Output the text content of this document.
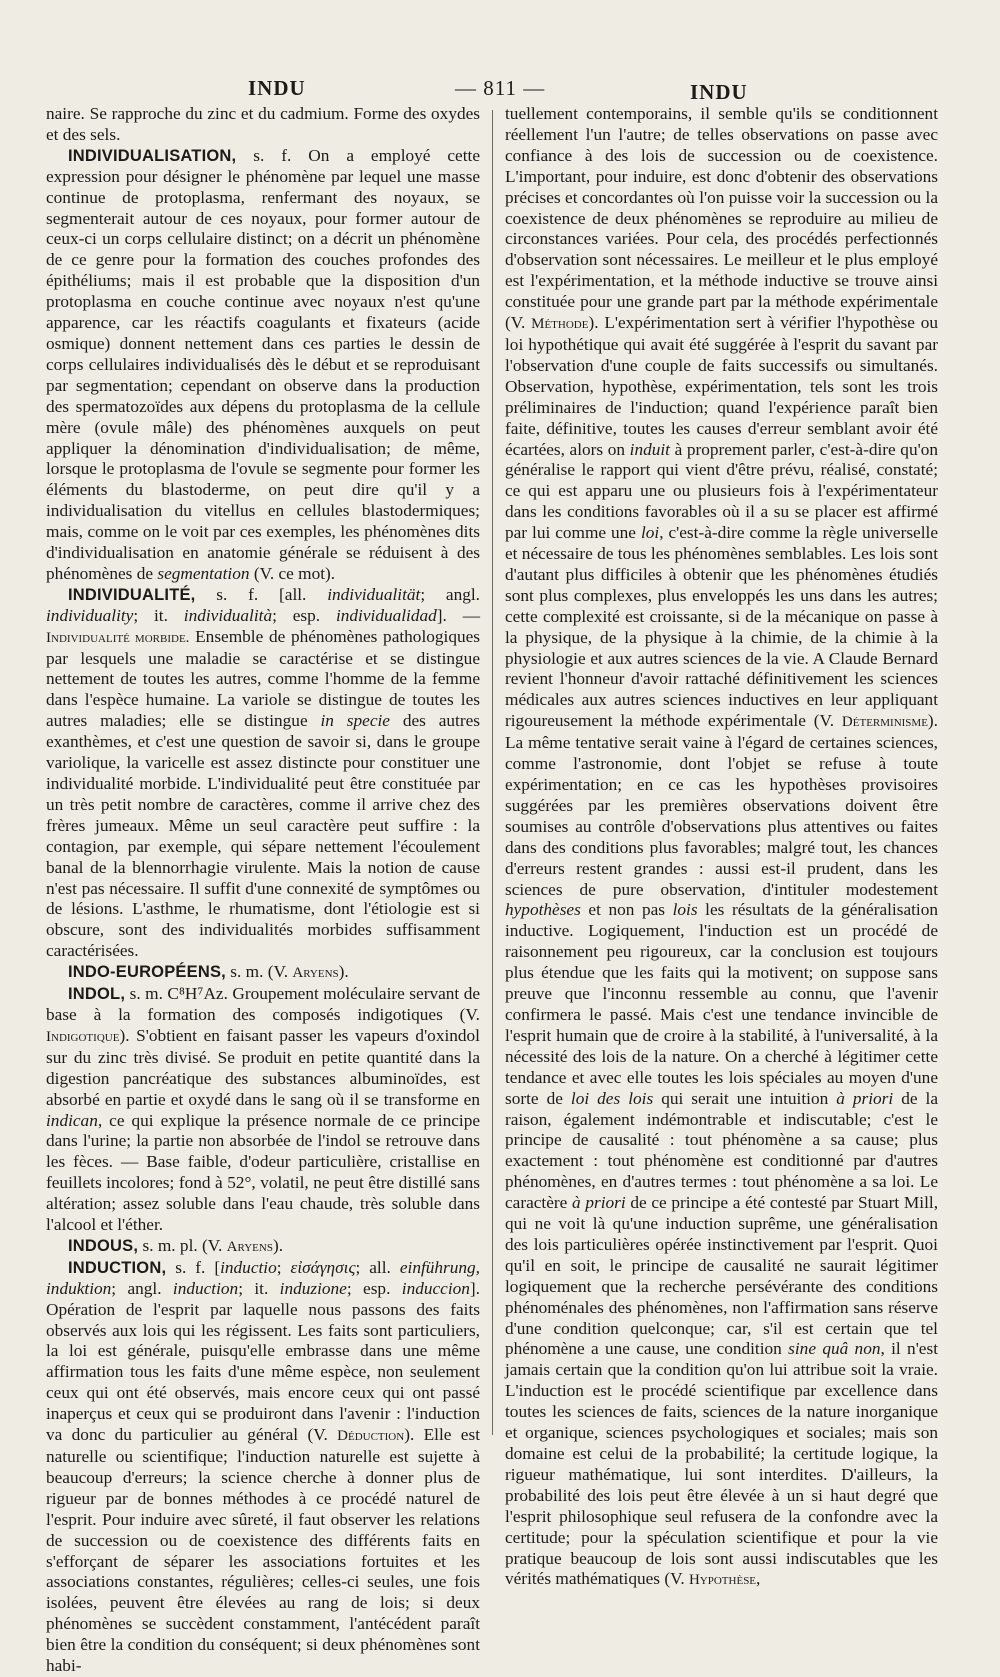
INDU	— 811 —	INDU

naire. Se rapproche du zinc et du cadmium. Forme des oxydes et des sels.

INDIVIDUALISATION, s. f. On a employé cette expression pour désigner le phénomène par lequel une masse continue de protoplasma, renfermant des noyaux, se segmenterait autour de ces noyaux, pour former autour de ceux-ci un corps cellulaire distinct; on a décrit un phénomène de ce genre pour la formation des couches profondes des épithéliums; mais il est probable que la disposition d'un protoplasma en couche continue avec noyaux n'est qu'une apparence, car les réactifs coagulants et fixateurs (acide osmique) donnent nettement dans ces parties le dessin de corps cellulaires individualisés dès le début et se reproduisant par segmentation; cependant on observe dans la production des spermatozoïdes aux dépens du protoplasma de la cellule mère (ovule mâle) des phénomènes auxquels on peut appliquer la dénomination d'individualisation; de même, lorsque le protoplasma de l'ovule se segmente pour former les éléments du blastoderme, on peut dire qu'il y a individualisation du vitellus en cellules blastodermiques; mais, comme on le voit par ces exemples, les phénomènes dits d'individualisation en anatomie générale se réduisent à des phénomènes de segmentation (V. ce mot).

INDIVIDUALITÉ, s. f. [all. individualität; angl. individuality; it. individualità; esp. individualidad]. — Individualité morbide. Ensemble de phénomènes pathologiques par lesquels une maladie se caractérise et se distingue nettement de toutes les autres, comme l'homme de la femme dans l'espèce humaine. La variole se distingue de toutes les autres maladies; elle se distingue in specie des autres exanthèmes, et c'est une question de savoir si, dans le groupe variolique, la varicelle est assez distincte pour constituer une individualité morbide. L'individualité peut être constituée par un très petit nombre de caractères, comme il arrive chez des frères jumeaux. Même un seul caractère peut suffire : la contagion, par exemple, qui sépare nettement l'écoulement banal de la blennorrhagie virulente. Mais la notion de cause n'est pas nécessaire. Il suffit d'une connexité de symptômes ou de lésions. L'asthme, le rhumatisme, dont l'étiologie est si obscure, sont des individualités morbides suffisamment caractérisées.

INDO-EUROPÉENS, s. m. (V. Aryens).

INDOL, s. m. C⁸H⁷Az. Groupement moléculaire servant de base à la formation des composés indigotiques (V. Indigotique). S'obtient en faisant passer les vapeurs d'oxindol sur du zinc très divisé. Se produit en petite quantité dans la digestion pancréatique des substances albuminoïdes, est absorbé en partie et oxydé dans le sang où il se transforme en indican, ce qui explique la présence normale de ce principe dans l'urine; la partie non absorbée de l'indol se retrouve dans les fèces. — Base faible, d'odeur particulière, cristallise en feuillets incolores; fond à 52°, volatil, ne peut être distillé sans altération; assez soluble dans l'eau chaude, très soluble dans l'alcool et l'éther.

INDOUS, s. m. pl. (V. Aryens).

INDUCTION, s. f. [inductio; εἰσάγησις; all. einführung, induktion; angl. induction; it. induzione; esp. induccion]. Opération de l'esprit par laquelle nous passons des faits observés aux lois qui les régissent. Les faits sont particuliers, la loi est générale, puisqu'elle embrasse dans une même affirmation tous les faits d'une même espèce, non seulement ceux qui ont été observés, mais encore ceux qui ont passé inaperçus et ceux qui se produiront dans l'avenir : l'induction va donc du particulier au général (V. Déduction). Elle est naturelle ou scientifique; l'induction naturelle est sujette à beaucoup d'erreurs; la science cherche à donner plus de rigueur par de bonnes méthodes à ce procédé naturel de l'esprit. Pour induire avec sûreté, il faut observer les relations de succession ou de coexistence des différents faits en s'efforçant de séparer les associations fortuites et les associations constantes, régulières; celles-ci seules, une fois isolées, peuvent être élevées au rang de lois; si deux phénomènes se succèdent constamment, l'antécédent paraît bien être la condition du conséquent; si deux phénomènes sont habi-

tuellement contemporains, il semble qu'ils se conditionnent réellement l'un l'autre; de telles observations on passe avec confiance à des lois de succession ou de coexistence. L'important, pour induire, est donc d'obtenir des observations précises et concordantes où l'on puisse voir la succession ou la coexistence de deux phénomènes se reproduire au milieu de circonstances variées. Pour cela, des procédés perfectionnés d'observation sont nécessaires. Le meilleur et le plus employé est l'expérimentation, et la méthode inductive se trouve ainsi constituée pour une grande part par la méthode expérimentale (V. Méthode). L'expérimentation sert à vérifier l'hypothèse ou loi hypothétique qui avait été suggérée à l'esprit du savant par l'observation d'une couple de faits successifs ou simultanés. Observation, hypothèse, expérimentation, tels sont les trois préliminaires de l'induction; quand l'expérience paraît bien faite, définitive, toutes les causes d'erreur semblant avoir été écartées, alors on induit à proprement parler, c'est-à-dire qu'on généralise le rapport qui vient d'être prévu, réalisé, constaté; ce qui est apparu une ou plusieurs fois à l'expérimentateur dans les conditions favorables où il a su se placer est affirmé par lui comme une loi, c'est-à-dire comme la règle universelle et nécessaire de tous les phénomènes semblables. Les lois sont d'autant plus difficiles à obtenir que les phénomènes étudiés sont plus complexes, plus enveloppés les uns dans les autres; cette complexité est croissante, si de la mécanique on passe à la physique, de la physique à la chimie, de la chimie à la physiologie et aux autres sciences de la vie. A Claude Bernard revient l'honneur d'avoir rattaché définitivement les sciences médicales aux autres sciences inductives en leur appliquant rigoureusement la méthode expérimentale (V. Déterminisme). La même tentative serait vaine à l'égard de certaines sciences, comme l'astronomie, dont l'objet se refuse à toute expérimentation; en ce cas les hypothèses provisoires suggérées par les premières observations doivent être soumises au contrôle d'observations plus attentives ou faites dans des conditions plus favorables; malgré tout, les chances d'erreurs restent grandes : aussi est-il prudent, dans les sciences de pure observation, d'intituler modestement hypothèses et non pas lois les résultats de la généralisation inductive. Logiquement, l'induction est un procédé de raisonnement peu rigoureux, car la conclusion est toujours plus étendue que les faits qui la motivent; on suppose sans preuve que l'inconnu ressemble au connu, que l'avenir confirmera le passé. Mais c'est une tendance invincible de l'esprit humain que de croire à la stabilité, à l'universalité, à la nécessité des lois de la nature. On a cherché à légitimer cette tendance et avec elle toutes les lois spéciales au moyen d'une sorte de loi des lois qui serait une intuition à priori de la raison, également indémontrable et indiscutable; c'est le principe de causalité : tout phénomène a sa cause; plus exactement : tout phénomène est conditionné par d'autres phénomènes, en d'autres termes : tout phénomène a sa loi. Le caractère à priori de ce principe a été contesté par Stuart Mill, qui ne voit là qu'une induction suprême, une généralisation des lois particulières opérée instinctivement par l'esprit. Quoi qu'il en soit, le principe de causalité ne saurait légitimer logiquement que la recherche persévérante des conditions phénoménales des phénomènes, non l'affirmation sans réserve d'une condition quelconque; car, s'il est certain que tel phénomène a une cause, une condition sine quâ non, il n'est jamais certain que la condition qu'on lui attribue soit la vraie. L'induction est le procédé scientifique par excellence dans toutes les sciences de faits, sciences de la nature inorganique et organique, sciences psychologiques et sociales; mais son domaine est celui de la probabilité; la certitude logique, la rigueur mathématique, lui sont interdites. D'ailleurs, la probabilité des lois peut être élevée à un si haut degré que l'esprit philosophique seul refusera de la confondre avec la certitude; pour la spéculation scientifique et pour la vie pratique beaucoup de lois sont aussi indiscutables que les vérités mathématiques (V. Hypothèse,
